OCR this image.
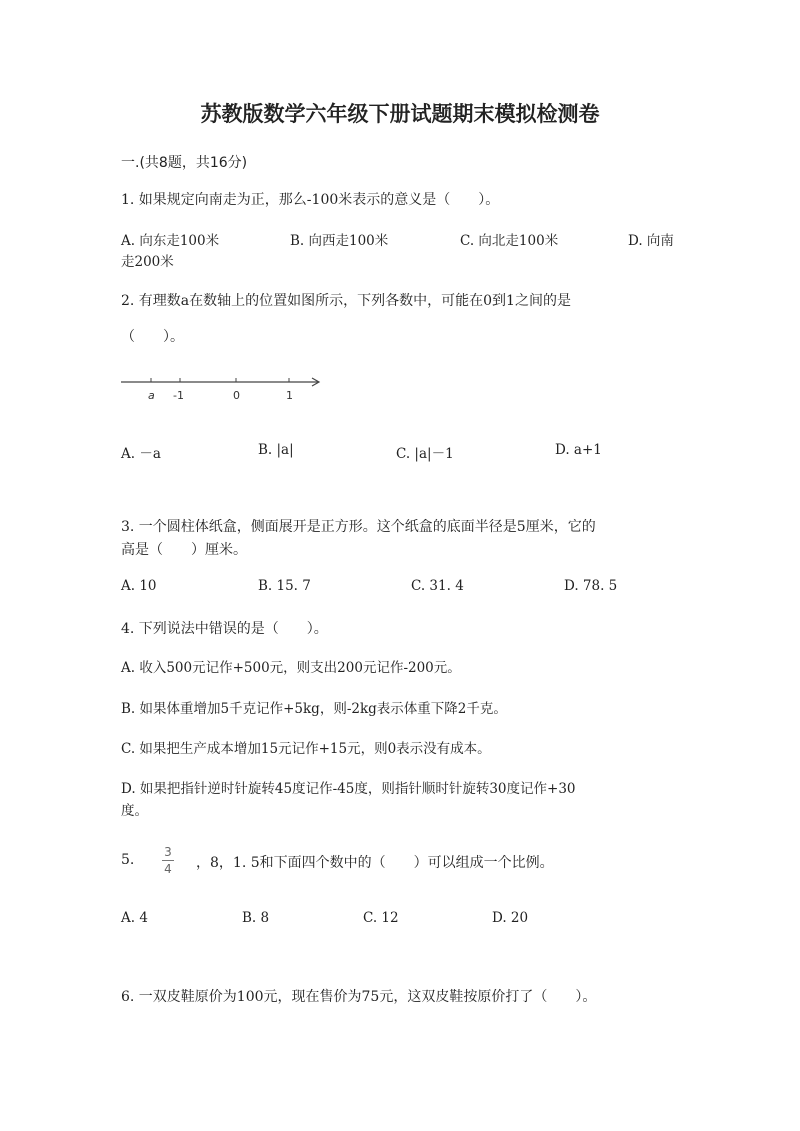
苏教版数学六年级下册试题期末模拟检测卷
一.(共8题，共16分)
1. 如果规定向南走为正，那么-100米表示的意义是（　　）。
A. 向东走100米	B. 向西走100米	C. 向北走100米	D. 向南
走200米
2. 有理数a在数轴上的位置如图所示，下列各数中，可能在0到1之间的是
（　　）。
a -1	0	1
A. －a	B. |a|	C. |a|－1	D. a+1
3. 一个圆柱体纸盒，侧面展开是正方形。这个纸盒的底面半径是5厘米，它的
高是（　　）厘米。
A. 10	B. 15. 7	C. 31. 4	D. 78. 5
4. 下列说法中错误的是（　　）。
A. 收入500元记作+500元，则支出200元记作-200元。
B. 如果体重增加5千克记作+5kg，则-2kg表示体重下降2千克。
C. 如果把生产成本增加15元记作+15元，则0表示没有成本。
D. 如果把指针逆时针旋转45度记作-45度，则指针顺时针旋转30度记作+30
度。
5. 3
4 ，8，1. 5和下面四个数中的（　　）可以组成一个比例。
A. 4	B. 8	C. 12	D. 20
6. 一双皮鞋原价为100元，现在售价为75元，这双皮鞋按原价打了（　　）。
